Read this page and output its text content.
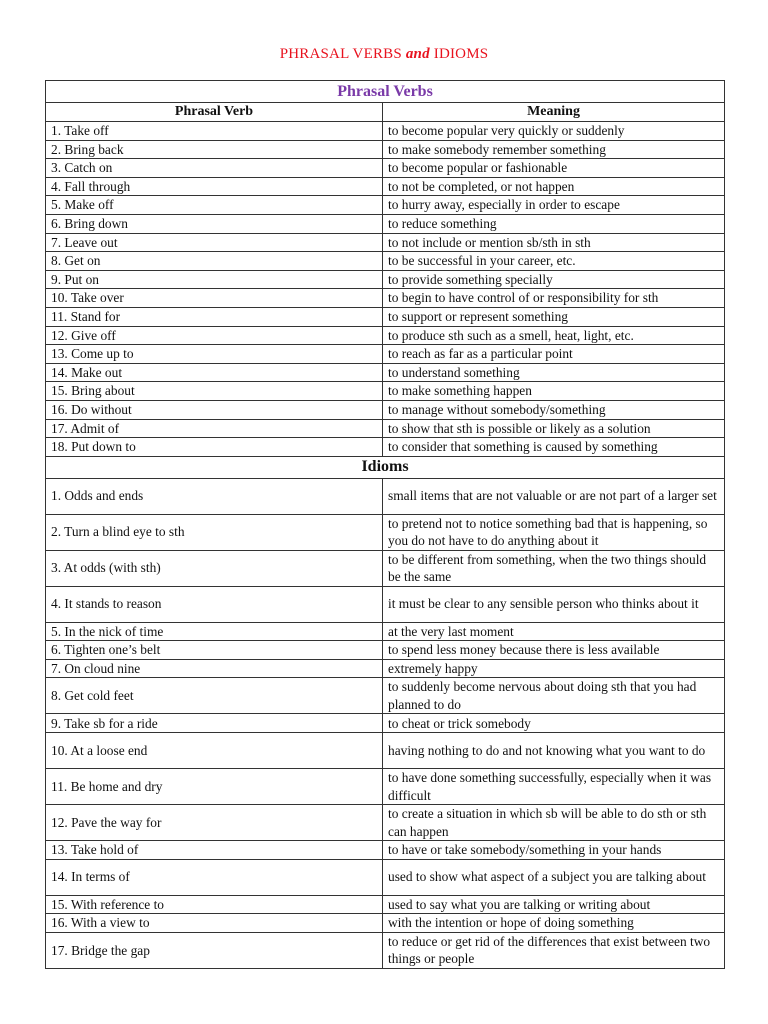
PHRASAL VERBS and IDIOMS
Phrasal Verbs	
Phrasal Verb	Meaning
1. Take off	to become popular very quickly or suddenly
2. Bring back	to make somebody remember something
3. Catch on	to become popular or fashionable
4. Fall through	to not be completed, or not happen
5. Make off	to hurry away, especially in order to escape
6. Bring down	to reduce something
7. Leave out	to not include or mention sb/sth in sth
8. Get on	to be successful in your career, etc.
9. Put on	to provide something specially
10. Take over	to begin to have control of or responsibility for sth
11. Stand for	to support or represent something
12. Give off	to produce sth such as a smell, heat, light, etc.
13. Come up to	to reach as far as a particular point
14. Make out	to understand something
15. Bring about	to make something happen
16. Do without	to manage without somebody/something
17. Admit of	to show that sth is possible or likely as a solution
18. Put down to	to consider that something is caused by something
Idioms	
1. Odds and ends	small items that are not valuable or are not part of a larger set
2. Turn a blind eye to sth	to pretend not to notice something bad that is happening, so you do not have to do anything about it
3. At odds (with sth)	to be different from something, when the two things should be the same
4. It stands to reason	it must be clear to any sensible person who thinks about it
5. In the nick of time	at the very last moment
6. Tighten one’s belt	to spend less money because there is less available
7. On cloud nine	extremely happy
8. Get cold feet	to suddenly become nervous about doing sth that you had planned to do
9. Take sb for a ride	to cheat or trick somebody
10. At a loose end	having nothing to do and not knowing what you want to do
11. Be home and dry	to have done something successfully, especially when it was difficult
12. Pave the way for	to create a situation in which sb will be able to do sth or sth can happen
13. Take hold of	to have or take somebody/something in your hands
14. In terms of	used to show what aspect of a subject you are talking about
15. With reference to	used to say what you are talking or writing about
16. With a view to	with the intention or hope of doing something
17. Bridge the gap	to reduce or get rid of the differences that exist between two things or people
